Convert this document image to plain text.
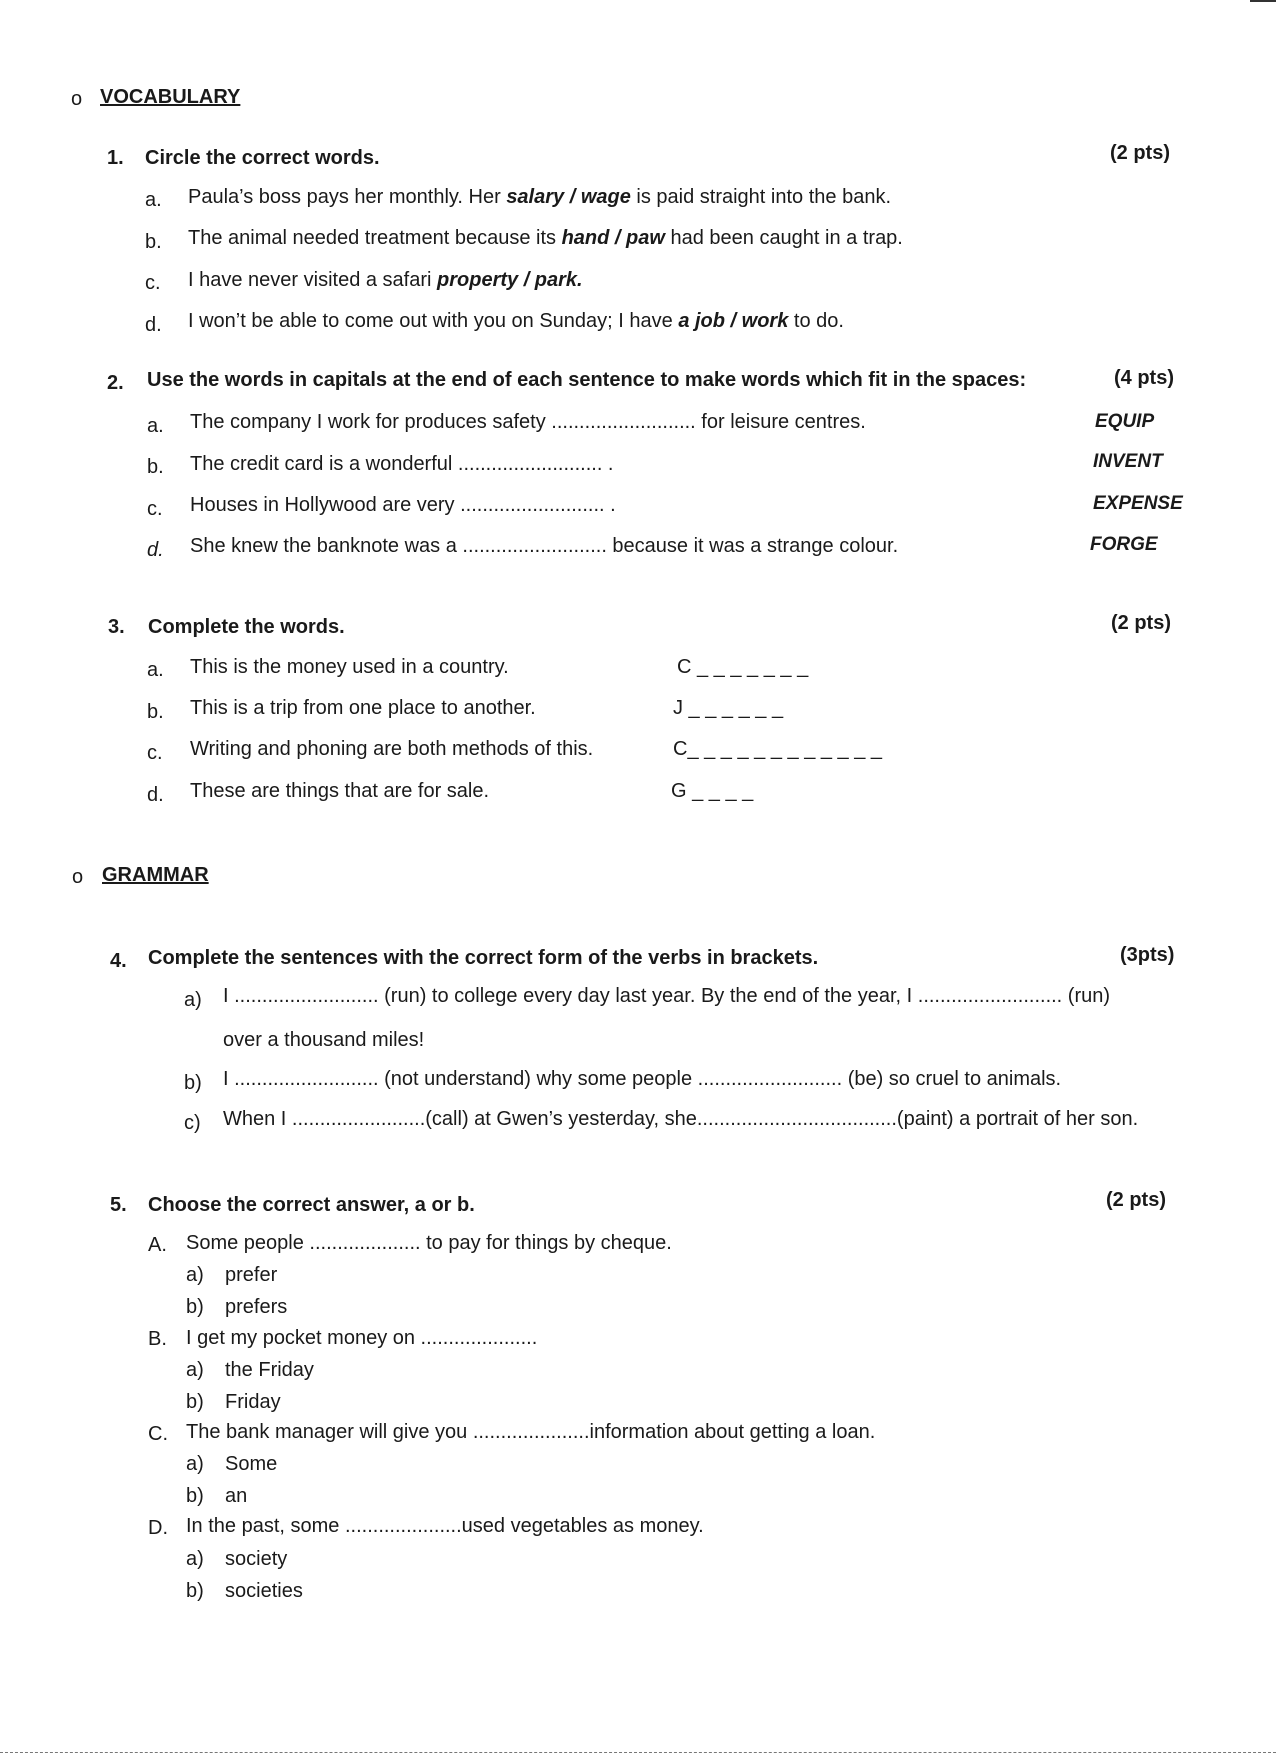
o VOCABULARY
1. Circle the correct words.	(2 pts)
a. Paula’s boss pays her monthly. Her salary / wage is paid straight into the bank.
b. The animal needed treatment because its hand / paw had been caught in a trap.
c. I have never visited a safari property / park.
d. I won’t be able to come out with you on Sunday; I have a job / work to do.
2. Use the words in capitals at the end of each sentence to make words which fit in the spaces:	(4 pts)
a. The company I work for produces safety .......................... for leisure centres.	EQUIP
b. The credit card is a wonderful .......................... .	INVENT
c. Houses in Hollywood are very .......................... .	EXPENSE
d. She knew the banknote was a .......................... because it was a strange colour.	FORGE
3. Complete the words.	(2 pts)
a. This is the money used in a country.	C _ _ _ _ _ _ _
b. This is a trip from one place to another.	J _ _ _ _ _ _
c. Writing and phoning are both methods of this.	C_ _ _ _ _ _ _ _ _ _ _ _
d. These are things that are for sale.	G _ _ _ _
o GRAMMAR
4. Complete the sentences with the correct form of the verbs in brackets.	(3pts)
a) I .......................... (run) to college every day last year. By the end of the year, I .......................... (run)
over a thousand miles!
b) I .......................... (not understand) why some people .......................... (be) so cruel to animals.
c) When I ........................(call) at Gwen’s yesterday, she....................................(paint) a portrait of her son.
5. Choose the correct answer, a or b.	(2 pts)
A. Some people .................... to pay for things by cheque.
a) prefer
b) prefers
B. I get my pocket money on .....................
a) the Friday
b) Friday
C. The bank manager will give you .....................information about getting a loan.
a) Some
b) an
D. In the past, some .....................used vegetables as money.
a) society
b) societies
